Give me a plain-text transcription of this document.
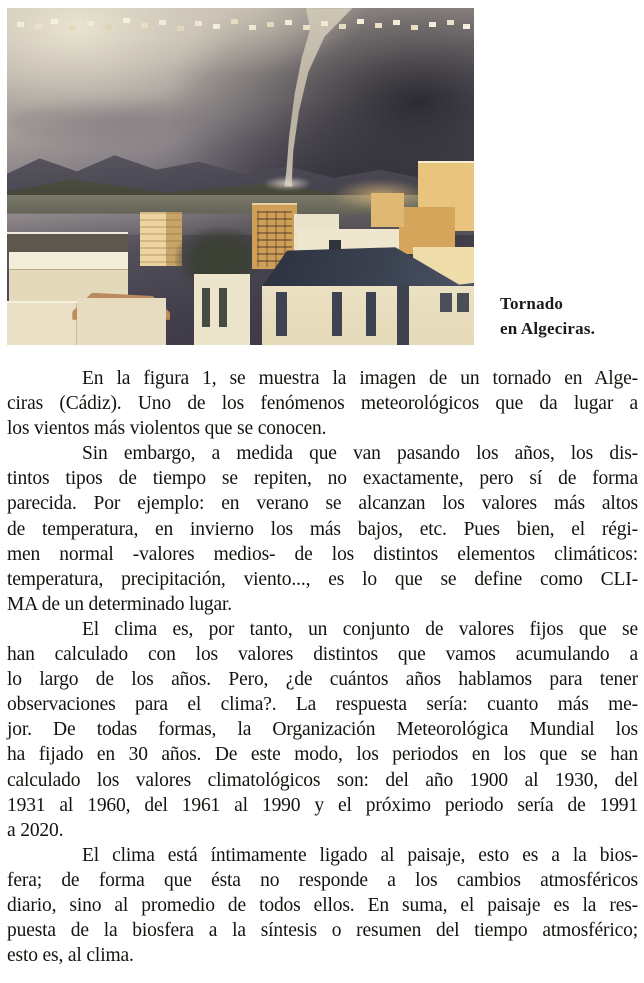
Tornado
en Algeciras.
En la figura 1, se muestra la imagen de un tornado en Alge-
ciras (Cádiz). Uno de los fenómenos meteorológicos que da lugar a
los vientos más violentos que se conocen.
Sin embargo, a medida que van pasando los años, los dis-
tintos tipos de tiempo se repiten, no exactamente, pero sí de forma
parecida. Por ejemplo: en verano se alcanzan los valores más altos
de temperatura, en invierno los más bajos, etc. Pues bien, el régi-
men normal -valores medios- de los distintos elementos climáticos:
temperatura, precipitación, viento..., es lo que se define como CLI-
MA de un determinado lugar.
El clima es, por tanto, un conjunto de valores fijos que se
han calculado con los valores distintos que vamos acumulando a
lo largo de los años. Pero, ¿de cuántos años hablamos para tener
observaciones para el clima?. La respuesta sería: cuanto más me-
jor. De todas formas, la Organización Meteorológica Mundial los
ha fijado en 30 años. De este modo, los periodos en los que se han
calculado los valores climatológicos son: del año 1900 al 1930, del
1931 al 1960, del 1961 al 1990 y el próximo periodo sería de 1991
a 2020.
El clima está íntimamente ligado al paisaje, esto es a la bios-
fera; de forma que ésta no responde a los cambios atmosféricos
diario, sino al promedio de todos ellos. En suma, el paisaje es la res-
puesta de la biosfera a la síntesis o resumen del tiempo atmosférico;
esto es, al clima.
